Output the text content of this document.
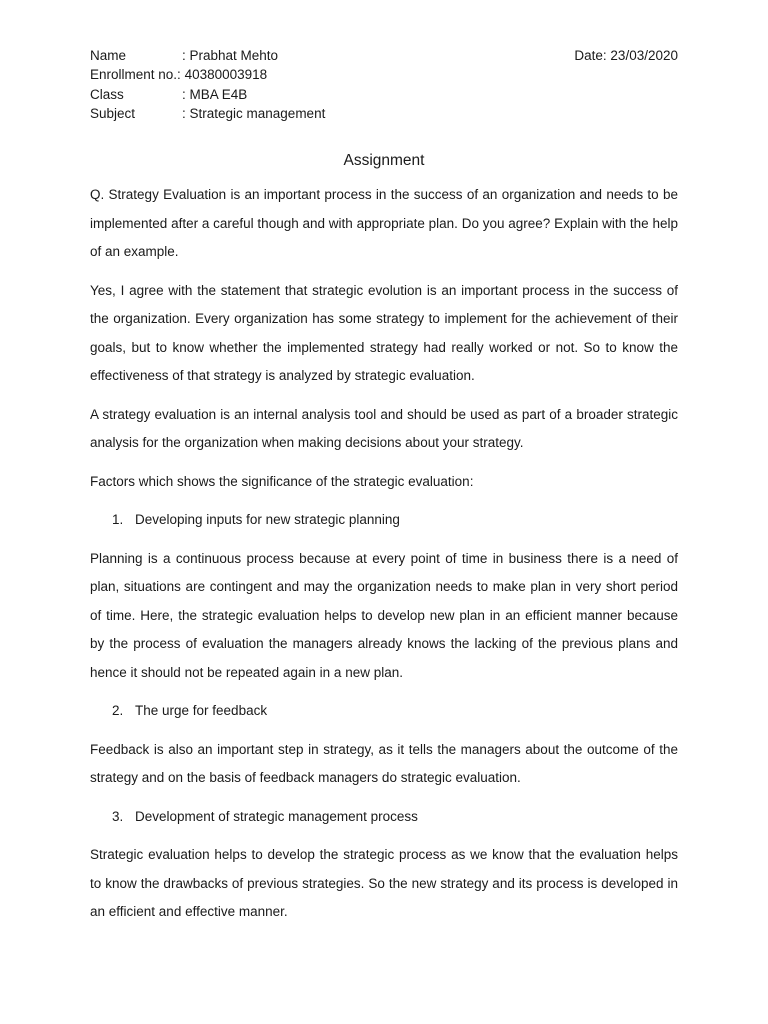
Name	: Prabhat Mehto
Enrollment no.: 40380003918
Class	: MBA E4B
Subject	: Strategic management
Date: 23/03/2020
Assignment

Q. Strategy Evaluation is an important process in the success of an organization and needs to be implemented after a careful though and with appropriate plan. Do you agree? Explain with the help of an example.

Yes, I agree with the statement that strategic evolution is an important process in the success of the organization. Every organization has some strategy to implement for the achievement of their goals, but to know whether the implemented strategy had really worked or not. So to know the effectiveness of that strategy is analyzed by strategic evaluation.

A strategy evaluation is an internal analysis tool and should be used as part of a broader strategic analysis for the organization when making decisions about your strategy.

Factors which shows the significance of the strategic evaluation:
1. Developing inputs for new strategic planning

Planning is a continuous process because at every point of time in business there is a need of plan, situations are contingent and may the organization needs to make plan in very short period of time. Here, the strategic evaluation helps to develop new plan in an efficient manner because by the process of evaluation the managers already knows the lacking of the previous plans and hence it should not be repeated again in a new plan.

2. The urge for feedback

Feedback is also an important step in strategy, as it tells the managers about the outcome of the strategy and on the basis of feedback managers do strategic evaluation.

3. Development of strategic management process

Strategic evaluation helps to develop the strategic process as we know that the evaluation helps to know the drawbacks of previous strategies. So the new strategy and its process is developed in an efficient and effective manner.
